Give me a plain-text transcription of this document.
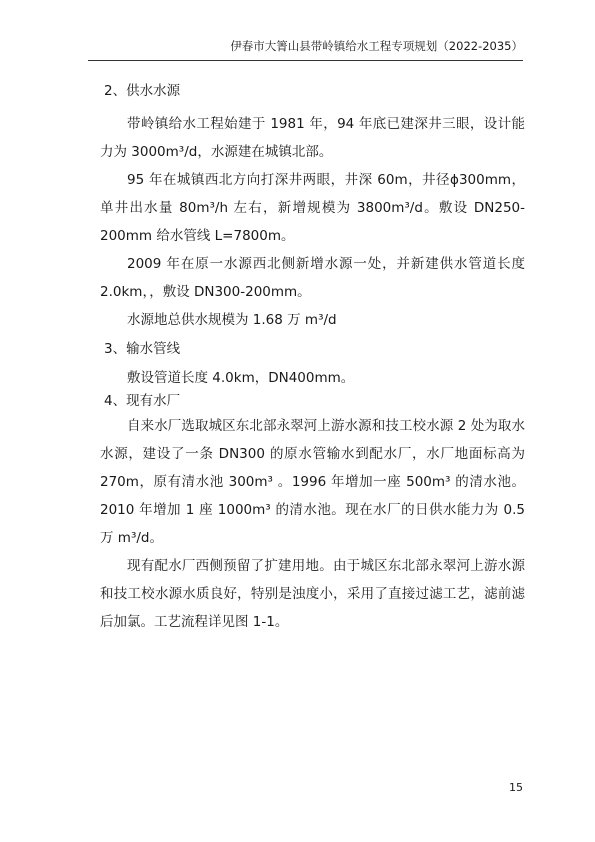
伊春市大箐山县带岭镇给水工程专项规划（2022-2035）

2、供水水源

带岭镇给水工程始建于 1981 年，94 年底已建深井三眼，设计能力为 3000m³/d，水源建在城镇北部。

95 年在城镇西北方向打深井两眼，井深 60m，井径ϕ300mm，单井出水量 80m³/h 左右，新增规模为 3800m³/d。敷设 DN250-200mm 给水管线 L=7800m。

2009 年在原一水源西北侧新增水源一处，并新建供水管道长度 2.0km，，敷设 DN300-200mm。

水源地总供水规模为 1.68 万 m³/d

3、输水管线

敷设管道长度 4.0km，DN400mm。

4、现有水厂

自来水厂选取城区东北部永翠河上游水源和技工校水源 2 处为取水水源，建设了一条 DN300 的原水管输水到配水厂，水厂地面标高为 270m，原有清水池 300m³ 。1996 年增加一座 500m³ 的清水池。2010 年增加 1 座 1000m³ 的清水池。现在水厂的日供水能力为 0.5 万 m³/d。

现有配水厂西侧预留了扩建用地。由于城区东北部永翠河上游水源和技工校水源水质良好，特别是浊度小，采用了直接过滤工艺，滤前滤后加氯。工艺流程详见图 1-1。

15
